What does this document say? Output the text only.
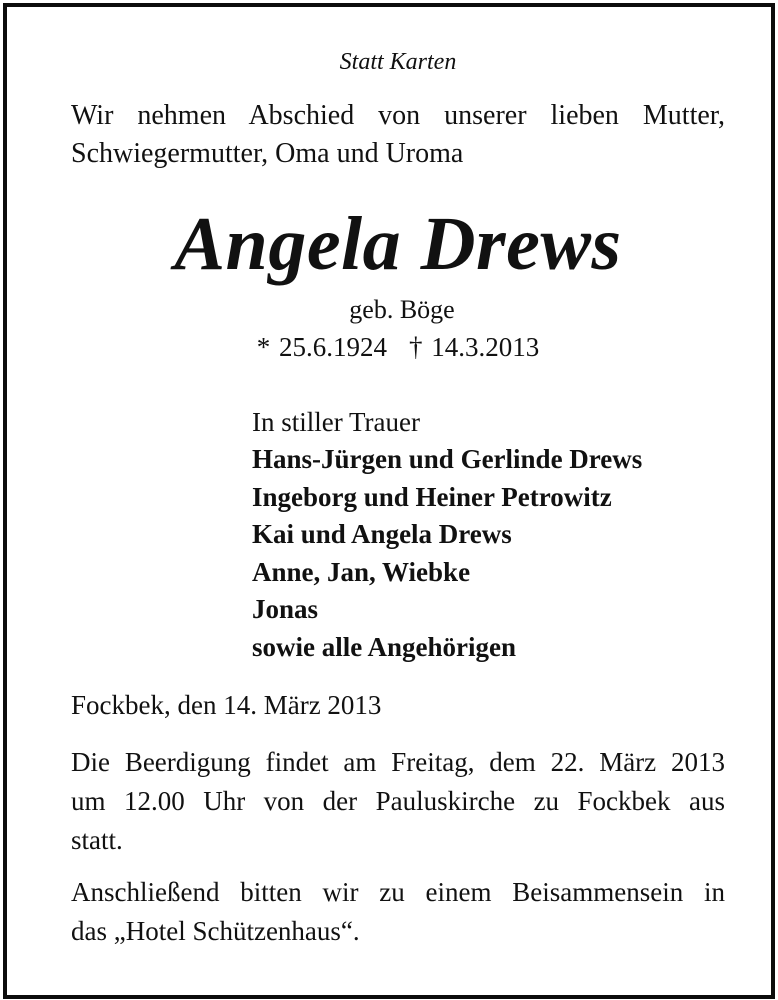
Statt Karten
Wir nehmen Abschied von unserer lieben Mutter,
Schwiegermutter, Oma und Uroma
Angela Drews
geb. Böge
* 25.6.1924 † 14.3.2013
In stiller Trauer
Hans-Jürgen und Gerlinde Drews
Ingeborg und Heiner Petrowitz
Kai und Angela Drews
Anne, Jan, Wiebke
Jonas
sowie alle Angehörigen
Fockbek, den 14. März 2013
Die Beerdigung findet am Freitag, dem 22. März 2013
um 12.00 Uhr von der Pauluskirche zu Fockbek aus
statt.
Anschließend bitten wir zu einem Beisammensein in
das „Hotel Schützenhaus“.
